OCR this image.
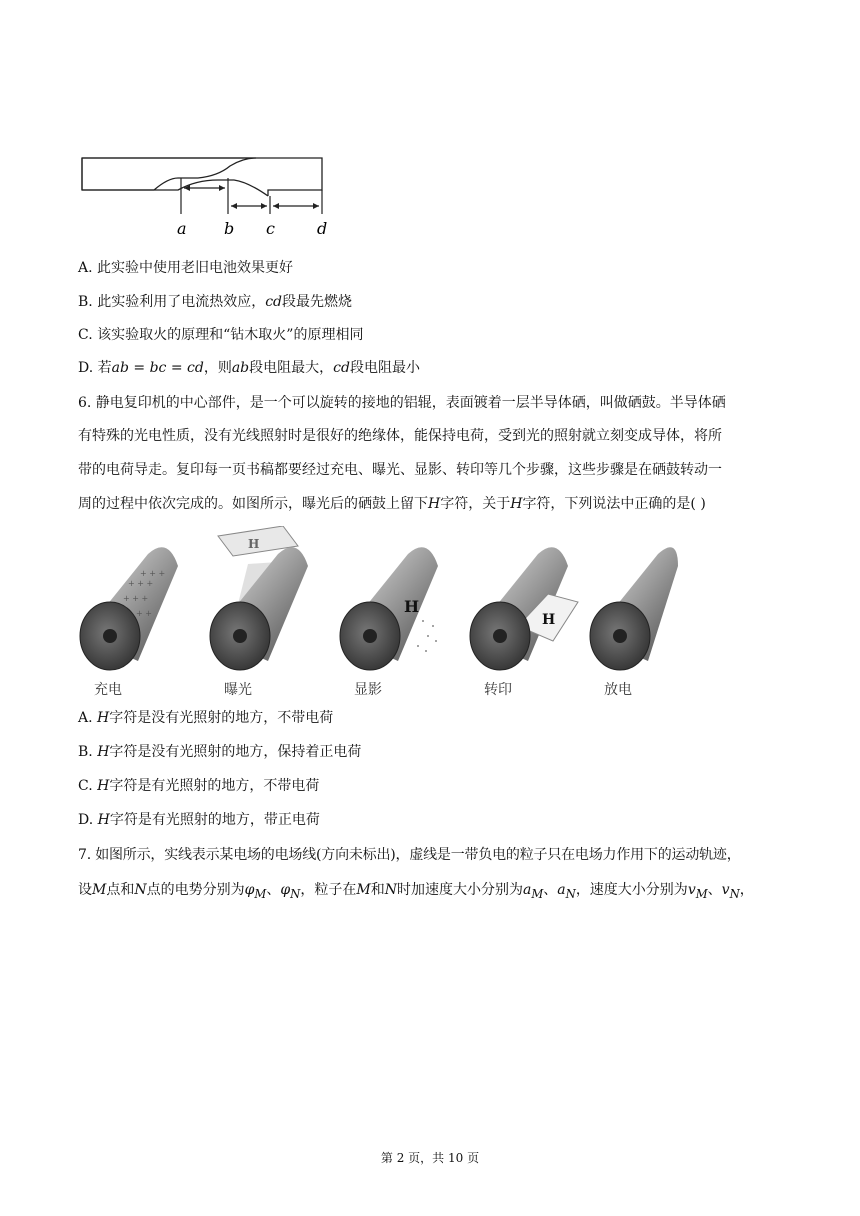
a b c	d
A. 此实验中使用老旧电池效果更好
B. 此实验利用了电流热效应，cd段最先燃烧
C. 该实验取火的原理和“钻木取火”的原理相同
D. 若ab = bc = cd，则ab段电阻最大，cd段电阻最小
6. 静电复印机的中心部件，是一个可以旋转的接地的铝辊，表面镀着一层半导体硒，叫做硒鼓。半导体硒
有特殊的光电性质，没有光线照射时是很好的绝缘体，能保持电荷，受到光的照射就立刻变成导体，将所
带的电荷导走。复印每一页书稿都要经过充电、曝光、显影、转印等几个步骤，这些步骤是在硒鼓转动一
周的过程中依次完成的。如图所示，曝光后的硒鼓上留下H字符，关于H字符，下列说法中正确的是( )
+ + +
+ + +
+ + +
+ +
H
H
H
充电	曝光	显影	转印	放电
A. H字符是没有光照射的地方，不带电荷
B. H字符是没有光照射的地方，保持着正电荷
C. H字符是有光照射的地方，不带电荷
D. H字符是有光照射的地方，带正电荷
7. 如图所示，实线表示某电场的电场线(方向未标出)，虚线是一带负电的粒子只在电场力作用下的运动轨迹，
设M点和N点的电势分别为$\varphi_M$、$\varphi_N$，粒子在M和N时加速度大小分别为$a_M$、$a_N$，速度大小分别为$v_M$、$v_N$，
第 2 页，共 10 页
